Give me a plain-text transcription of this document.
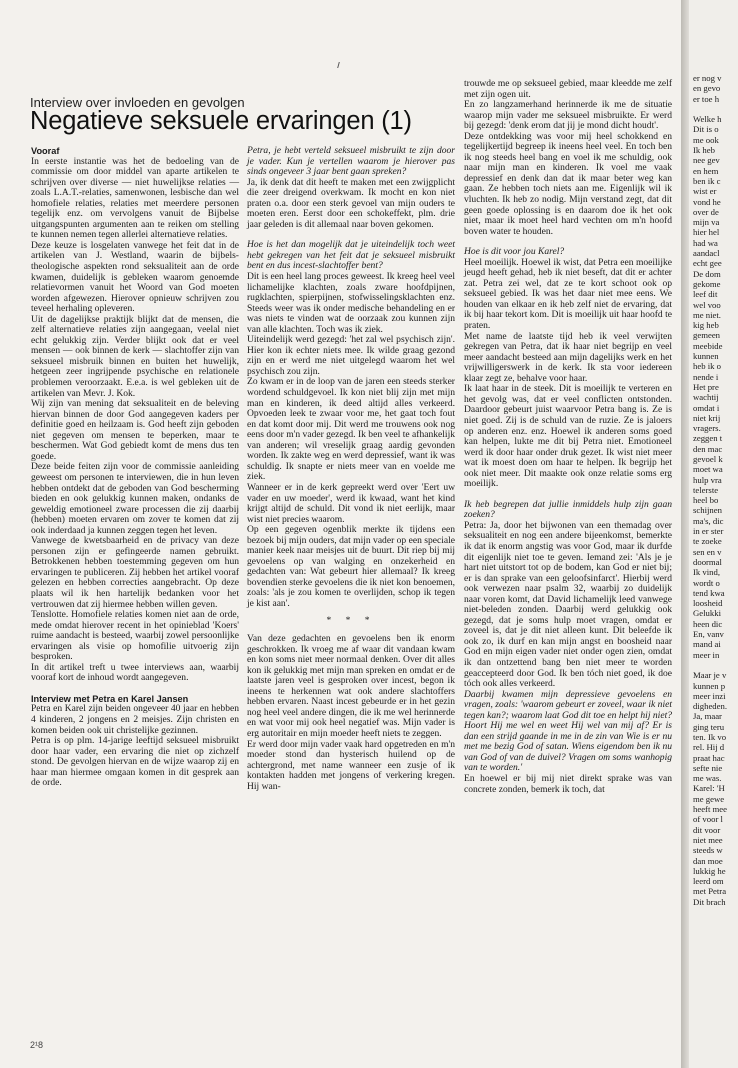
Interview over invloeden en gevolgen
Negatieve seksuele ervaringen (1)

Vooraf

In eerste instantie was het de bedoeling van de commissie om door middel van aparte artikelen te schrijven over diverse — niet huwelijkse relaties — zoals L.A.T.-relaties, samenwonen, lesbische dan wel homofiele relaties, relaties met meerdere personen tegelijk enz. om vervolgens vanuit de Bijbelse uitgangspunten argumenten aan te reiken om stelling te kunnen nemen tegen allerlei alternatieve relaties.

Deze keuze is losgelaten vanwege het feit dat in de artikelen van J. Westland, waarin de bijbels-theologische aspekten rond seksualiteit aan de orde kwamen, duidelijk is gebleken waarom genoemde relatievormen vanuit het Woord van God moeten worden afgewezen. Hierover opnieuw schrijven zou teveel herhaling opleveren.

Uit de dagelijkse praktijk blijkt dat de mensen, die zelf alternatieve relaties zijn aangegaan, veelal niet echt gelukkig zijn. Verder blijkt ook dat er veel mensen — ook binnen de kerk — slachtoffer zijn van seksueel misbruik binnen en buiten het huwelijk, hetgeen zeer ingrijpende psychische en relationele problemen veroorzaakt. E.e.a. is wel gebleken uit de artikelen van Mevr. J. Kok.

Wij zijn van mening dat seksualiteit en de beleving hiervan binnen de door God aangegeven kaders per definitie goed en heilzaam is. God heeft zijn geboden niet gegeven om mensen te beperken, maar te beschermen. Wat God gebiedt komt de mens dus ten goede.

Deze beide feiten zijn voor de commissie aanleiding geweest om personen te interviewen, die in hun leven hebben ontdekt dat de geboden van God bescherming bieden en ook gelukkig kunnen maken, ondanks de geweldig emotioneel zware processen die zij daarbij (hebben) moeten ervaren om zover te komen dat zij ook inderdaad ja kunnen zeggen tegen het leven.

Vanwege de kwetsbaarheid en de privacy van deze personen zijn er gefingeerde namen gebruikt. Betrokkenen hebben toestemming gegeven om hun ervaringen te publiceren. Zij hebben het artikel vooraf gelezen en hebben correcties aangebracht. Op deze plaats wil ik hen hartelijk bedanken voor het vertrouwen dat zij hiermee hebben willen geven.

Tenslotte. Homofiele relaties komen niet aan de orde, mede omdat hierover recent in het opinieblad 'Koers' ruime aandacht is besteed, waarbij zowel persoonlijke ervaringen als visie op homofilie uitvoerig zijn besproken.

In dit artikel treft u twee interviews aan, waarbij vooraf kort de inhoud wordt aangegeven.

Interview met Petra en Karel Jansen

Petra en Karel zijn beiden ongeveer 40 jaar en hebben 4 kinderen, 2 jongens en 2 meisjes. Zijn christen en komen beiden ook uit christelijke gezinnen.

Petra is op plm. 14-jarige leeftijd seksueel misbruikt door haar vader, een ervaring die niet op zichzelf stond. De gevolgen hiervan en de wijze waarop zij en haar man hiermee omgaan komen in dit gesprek aan de orde.

Petra, je hebt verteld seksueel misbruikt te zijn door je vader. Kun je vertellen waarom je hierover pas sinds ongeveer 3 jaar bent gaan spreken?

Ja, ik denk dat dit heeft te maken met een zwijgplicht die zeer dreigend overkwam. Ik mocht en kon niet praten o.a. door een sterk gevoel van mijn ouders te moeten eren. Eerst door een schokeffekt, plm. drie jaar geleden is dit allemaal naar boven gekomen.

Hoe is het dan mogelijk dat je uiteindelijk toch weet hebt gekregen van het feit dat je seksueel misbruikt bent en dus incest-slachtoffer bent?

Dit is een heel lang proces geweest. Ik kreeg heel veel lichamelijke klachten, zoals zware hoofdpijnen, rugklachten, spierpijnen, stofwisselingsklachten enz. Steeds weer was ik onder medische behandeling en er was niets te vinden wat de oorzaak zou kunnen zijn van alle klachten. Toch was ik ziek.

Uiteindelijk werd gezegd: 'het zal wel psychisch zijn'. Hier kon ik echter niets mee. Ik wilde graag gezond zijn en er werd me niet uitgelegd waarom het wel psychisch zou zijn.

Zo kwam er in de loop van de jaren een steeds sterker wordend schuldgevoel. Ik kon niet blij zijn met mijn man en kinderen, ik deed altijd alles verkeerd. Opvoeden leek te zwaar voor me, het gaat toch fout en dat komt door mij. Dit werd me trouwens ook nog eens door m'n vader gezegd. Ik ben veel te afhankelijk van anderen; wil vreselijk graag aardig gevonden worden. Ik zakte weg en werd depressief, want ik was schuldig. Ik snapte er niets meer van en voelde me ziek.

Wanneer er in de kerk gepreekt werd over 'Eert uw vader en uw moeder', werd ik kwaad, want het kind krijgt altijd de schuld. Dit vond ik niet eerlijk, maar wist niet precies waarom.

Op een gegeven ogenblik merkte ik tijdens een bezoek bij mijn ouders, dat mijn vader op een speciale manier keek naar meisjes uit de buurt. Dit riep bij mij gevoelens op van walging en onzekerheid en gedachten van: Wat gebeurt hier allemaal? Ik kreeg bovendien sterke gevoelens die ik niet kon benoemen, zoals: 'als je zou komen te overlijden, schop ik tegen je kist aan'.

* * *

Van deze gedachten en gevoelens ben ik enorm geschrokken. Ik vroeg me af waar dit vandaan kwam en kon soms niet meer normaal denken. Over dit alles kon ik gelukkig met mijn man spreken en omdat er de laatste jaren veel is gesproken over incest, begon ik ineens te herkennen wat ook andere slachtoffers hebben ervaren. Naast incest gebeurde er in het gezin nog heel veel andere dingen, die ik me wel herinnerde en wat voor mij ook heel negatief was. Mijn vader is erg autoritair en mijn moeder heeft niets te zeggen.

Er werd door mijn vader vaak hard opgetreden en m'n moeder stond dan hysterisch huilend op de achtergrond, met name wanneer een zusje of ik kontakten hadden met jongens of verkering kregen. Hij wan-

trouwde me op seksueel gebied, maar kleedde me zelf met zijn ogen uit.

En zo langzamerhand herinnerde ik me de situatie waarop mijn vader me seksueel misbruikte. Er werd bij gezegd: 'denk erom dat jij je mond dicht houdt'.

Deze ontdekking was voor mij heel schokkend en tegelijkertijd begreep ik ineens heel veel. En toch ben ik nog steeds heel bang en voel ik me schuldig, ook naar mijn man en kinderen. Ik voel me vaak depressief en denk dan dat ik maar beter weg kan gaan. Ze hebben toch niets aan me. Eigenlijk wil ik vluchten. Ik heb zo nodig. Mijn verstand zegt, dat dit geen goede oplossing is en daarom doe ik het ook niet, maar ik moet heel hard vechten om m'n hoofd boven water te houden.

Hoe is dit voor jou Karel?

Heel moeilijk. Hoewel ik wist, dat Petra een moeilijke jeugd heeft gehad, heb ik niet beseft, dat dit er achter zat. Petra zei wel, dat ze te kort schoot ook op seksueel gebied. Ik was het daar niet mee eens. We houden van elkaar en ik heb zelf niet de ervaring, dat ik bij haar tekort kom. Dit is moeilijk uit haar hoofd te praten.

Met name de laatste tijd heb ik veel verwijten gekregen van Petra, dat ik haar niet begrijp en veel meer aandacht besteed aan mijn dagelijks werk en het vrijwilligerswerk in de kerk. Ik sta voor iedereen klaar zegt ze, behalve voor haar.

Ik laat haar in de steek. Dit is moeilijk te verteren en het gevolg was, dat er veel conflicten ontstonden. Daardoor gebeurt juist waarvoor Petra bang is. Ze is niet goed. Zij is de schuld van de ruzie. Ze is jaloers op anderen enz. enz. Hoewel ik anderen soms goed kan helpen, lukte me dit bij Petra niet. Emotioneel werd ik door haar onder druk gezet. Ik wist niet meer wat ik moest doen om haar te helpen. Ik begrijp het ook niet meer. Dit maakte ook onze relatie soms erg moeilijk.

Ik heb begrepen dat jullie inmiddels hulp zijn gaan zoeken?

Petra: Ja, door het bijwonen van een themadag over seksualiteit en nog een andere bijeenkomst, bemerkte ik dat ik enorm angstig was voor God, maar ik durfde dit eigenlijk niet toe te geven. Iemand zei: 'Als je je hart niet uitstort tot op de bodem, kan God er niet bij; er is dan sprake van een geloofsinfarct'. Hierbij werd ook verwezen naar psalm 32, waarbij zo duidelijk naar voren komt, dat David lichamelijk leed vanwege niet-beleden zonden. Daarbij werd gelukkig ook gezegd, dat je soms hulp moet vragen, omdat er zoveel is, dat je dit niet alleen kunt. Dit beleefde ik ook zo, ik durf en kan mijn angst en boosheid naar God en mijn eigen vader niet onder ogen zien, omdat ik dan ontzettend bang ben niet meer te worden geaccepteerd door God. Ik ben tóch niet goed, ik doe tóch ook alles verkeerd.

Daarbij kwamen mijn depressieve gevoelens en vragen, zoals: 'waarom gebeurt er zoveel, waar ik niet tegen kan?; waarom laat God dit toe en helpt hij niet? Hoort Hij me wel en weet Hij wel van mij af? Er is dan een strijd gaande in me in de zin van Wie is er nu met me bezig God of satan. Wiens eigendom ben ik nu van God of van de duivel? Vragen om soms wanhopig van te worden.'

En hoewel er bij mij niet direkt sprake was van concrete zonden, bemerk ik toch, dat

2¹8
er nog v
en gevo
er toe h
Welke h
Dit is o
me ook
Ik heb
nee gev
en hem
ben ik c
wist er
vond he
over de
mijn va
hier hel
had wa
aandacl
echt gee
De dom
gekome
leef dit
wel voo
me niet.
kig heb
gemeen
meebide
kunnen
heb ik o
nende i
Het pre
wachtij
omdat i
niet krij
vragers.
zeggen t
den mac
gevoel k
moet wa
hulp vra
telerste
heel bo
schijnen
ma's, dic
in er ster
te zoeke
sen en v
doormal
Ik vind,
wordt o
tend kwa
loosheid
Gelukki
heen dic
En, vanv
mand ai
meer in
Maar je v
kunnen p
meer inzi
digheden.
Ja, maar
ging teru
ten. Ik vo
rel. Hij d
praat hac
sefte nie
me was.
Karel: 'H
me gewe
heeft mee
of voor l
dit voor
niet mee
steeds w
dan moe
lukkig he
leerd om
met Petra
Dit brach
